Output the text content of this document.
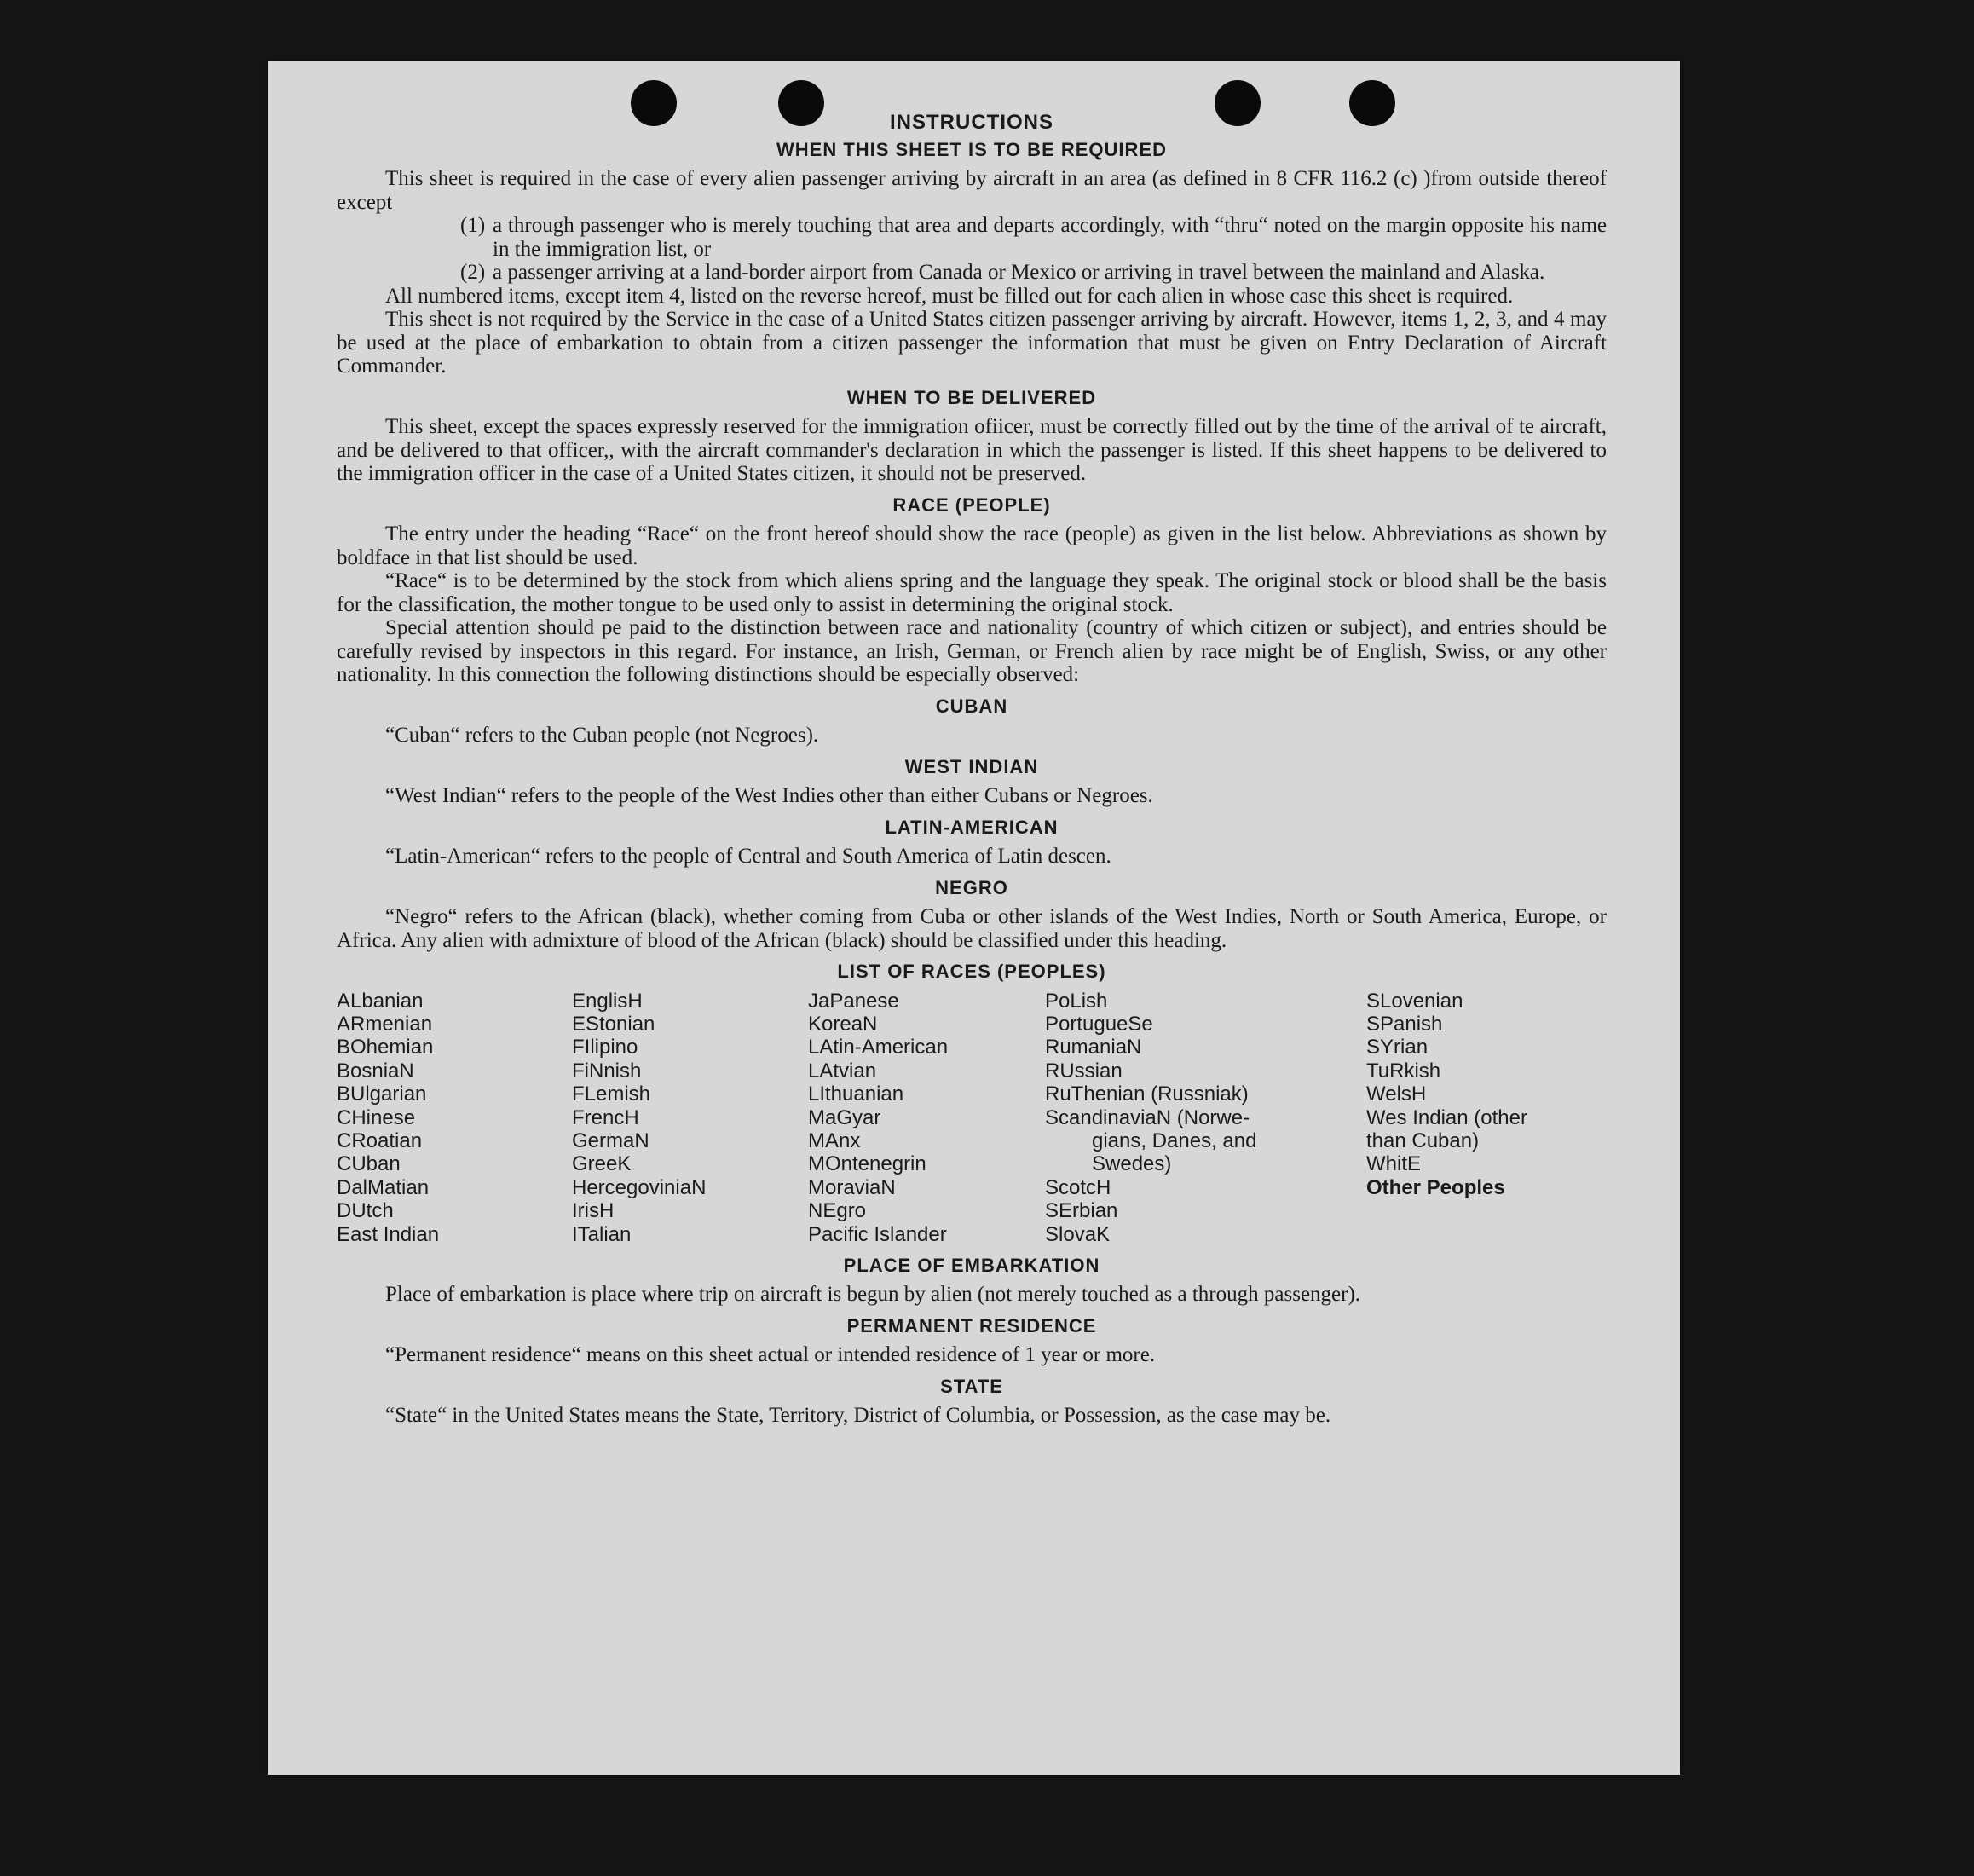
INSTRUCTIONS
WHEN THIS SHEET IS TO BE REQUIRED

This sheet is required in the case of every alien passenger arriving by aircraft in an area (as defined in 8 CFR 116.2 (c) )from outside thereof except

(1) a through passenger who is merely touching that area and departs accordingly, with “thru“ noted on the margin opposite his name in the immigration list, or
(2) a passenger arriving at a land-border airport from Canada or Mexico or arriving in travel between the mainland and Alaska.

All numbered items, except item 4, listed on the reverse hereof, must be filled out for each alien in whose case this sheet is required.

This sheet is not required by the Service in the case of a United States citizen passenger arriving by aircraft. However, items 1, 2, 3, and 4 may be used at the place of embarkation to obtain from a citizen passenger the information that must be given on Entry Declaration of Aircraft Commander.

WHEN TO BE DELIVERED

This sheet, except the spaces expressly reserved for the immigration ofiicer, must be correctly filled out by the time of the arrival of te aircraft, and be delivered to that officer,, with the aircraft commander's declaration in which the passenger is listed. If this sheet happens to be delivered to the immigration officer in the case of a United States citizen, it should not be preserved.

RACE (PEOPLE)

The entry under the heading “Race“ on the front hereof should show the race (people) as given in the list below. Abbreviations as shown by boldface in that list should be used.

“Race“ is to be determined by the stock from which aliens spring and the language they speak. The original stock or blood shall be the basis for the classification, the mother tongue to be used only to assist in determining the original stock.

Special attention should pe paid to the distinction between race and nationality (country of which citizen or subject), and entries should be carefully revised by inspectors in this regard. For instance, an Irish, German, or French alien by race might be of English, Swiss, or any other nationality. In this connection the following distinctions should be especially observed:

CUBAN

“Cuban“ refers to the Cuban people (not Negroes).

WEST INDIAN

“West Indian“ refers to the people of the West Indies other than either Cubans or Negroes.

LATIN-AMERICAN

“Latin-American“ refers to the people of Central and South America of Latin descen.

NEGRO

“Negro“ refers to the African (black), whether coming from Cuba or other islands of the West Indies, North or South America, Europe, or Africa. Any alien with admixture of blood of the African (black) should be classified under this heading.

LIST OF RACES (PEOPLES)
ALbanian
ARmenian
BOhemian
BosniaN
BUlgarian
CHinese
CRoatian
CUban
DalMatian
DUtch
East Indian
EnglisH
EStonian
FIlipino
FiNnish
FLemish
FrencH
GermaN
GreeK
HercegoviniaN
IrisH
ITalian
JaPanese
KoreaN
LAtin-American
LAtvian
LIthuanian
MaGyar
MAnx
MOntenegrin
MoraviaN
NEgro
Pacific Islander
PoLish
PortugueSe
RumaniaN
RUssian
RuThenian (Russniak)
ScandinaviaN (Norwe-
gians, Danes, and
Swedes)
ScotcH
SErbian
SlovaK
SLovenian
SPanish
SYrian
TuRkish
WelsH
Wes Indian (other
than Cuban)
WhitE
Other Peoples
PLACE OF EMBARKATION

Place of embarkation is place where trip on aircraft is begun by alien (not merely touched as a through passenger).

PERMANENT RESIDENCE

“Permanent residence“ means on this sheet actual or intended residence of 1 year or more.

STATE

“State“ in the United States means the State, Territory, District of Columbia, or Possession, as the case may be.
